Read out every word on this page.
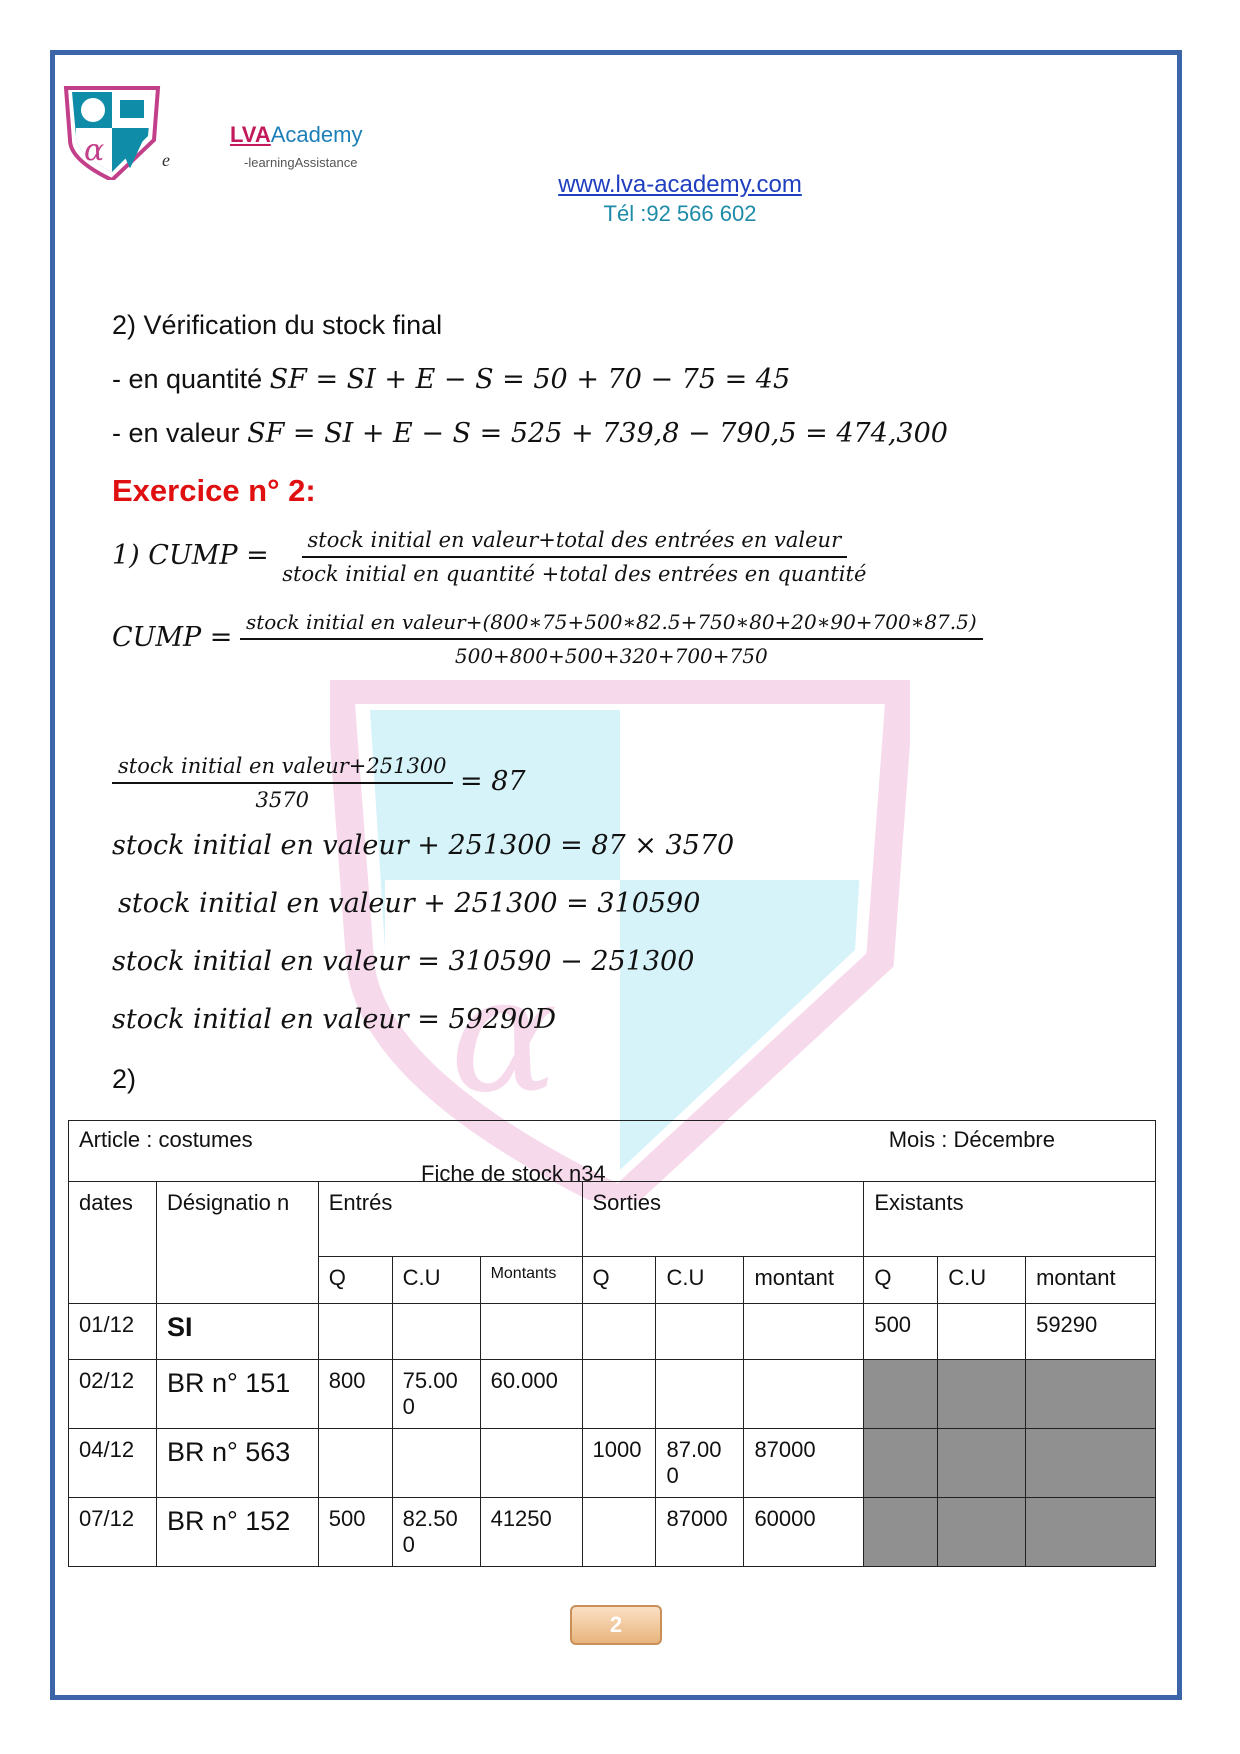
α	e
LVAAcademy
-learningAssistance
www.lva-academy.com
Tél :92 566 602
α
2) Vérification du stock final
- en quantité SF = SI + E − S = 50 + 70 − 75 = 45
- en valeur SF = SI + E − S = 525 + 739,8 − 790,5 = 474,300
Exercice n° 2:
1) CUMP = $\frac{\text{stock initial en valeur+total des entrées en valeur}}{\text{stock initial en quantité +total des entrées en quantité}}$
CUMP =
stock initial en valeur+(800∗75+500∗82.5+750∗80+20∗90+700∗87.5)
500+800+500+320+700+750
$\frac{\text{stock initial en valeur+251300}}{3570} = 87$
stock initial en valeur + 251300 = 87 × 3570
stock initial en valeur + 251300 = 310590
stock initial en valeur = 310590 − 251300
stock initial en valeur = 59290D
2)
Article : costumes Mois : Décembre
Fiche de stock n34										

dates	Désignatio n	Entrés			Sorties			Existants		
		Q	C.U	Montants	Q	C.U	montant	Q	C.U	montant
01/12	SI							500		59290
02/12	BR n° 151	800	75.00 0	60.000						
04/12	BR n° 563				1000	87.00 0	87000			
07/12	BR n° 152	500	82.50 0	41250		87000	60000			
2
